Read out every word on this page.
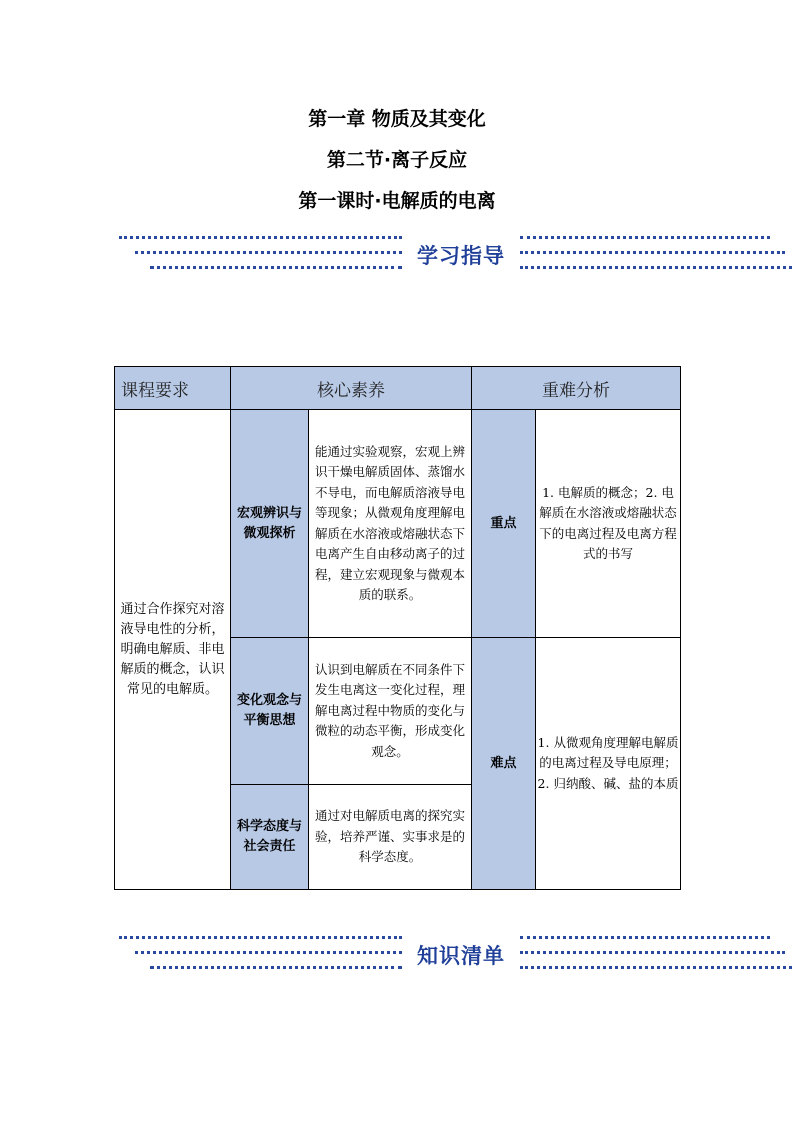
第一章 物质及其变化
第二节·离子反应
第一课时·电解质的电离
学习指导
课程要求	核心素养		重难分析	
通过合作探究对溶液导电性的分析，明确电解质、非电解质的概念，认识常见的电解质。	宏观辨识与微观探析	能通过实验观察，宏观上辨识干燥电解质固体、蒸馏水不导电，而电解质溶液导电等现象；从微观角度理解电解质在水溶液或熔融状态下电离产生自由移动离子的过程，建立宏观现象与微观本质的联系。	重点	1. 电解质的概念；2. 电解质在水溶液或熔融状态下的电离过程及电离方程式的书写
	变化观念与平衡思想	认识到电解质在不同条件下发生电离这一变化过程，理解电离过程中物质的变化与微粒的动态平衡，形成变化观念。	难点	1. 从微观角度理解电解质的电离过程及导电原理；2. 归纳酸、碱、盐的本质
	科学态度与社会责任	通过对电解质电离的探究实验，培养严谨、实事求是的科学态度。		
知识清单
